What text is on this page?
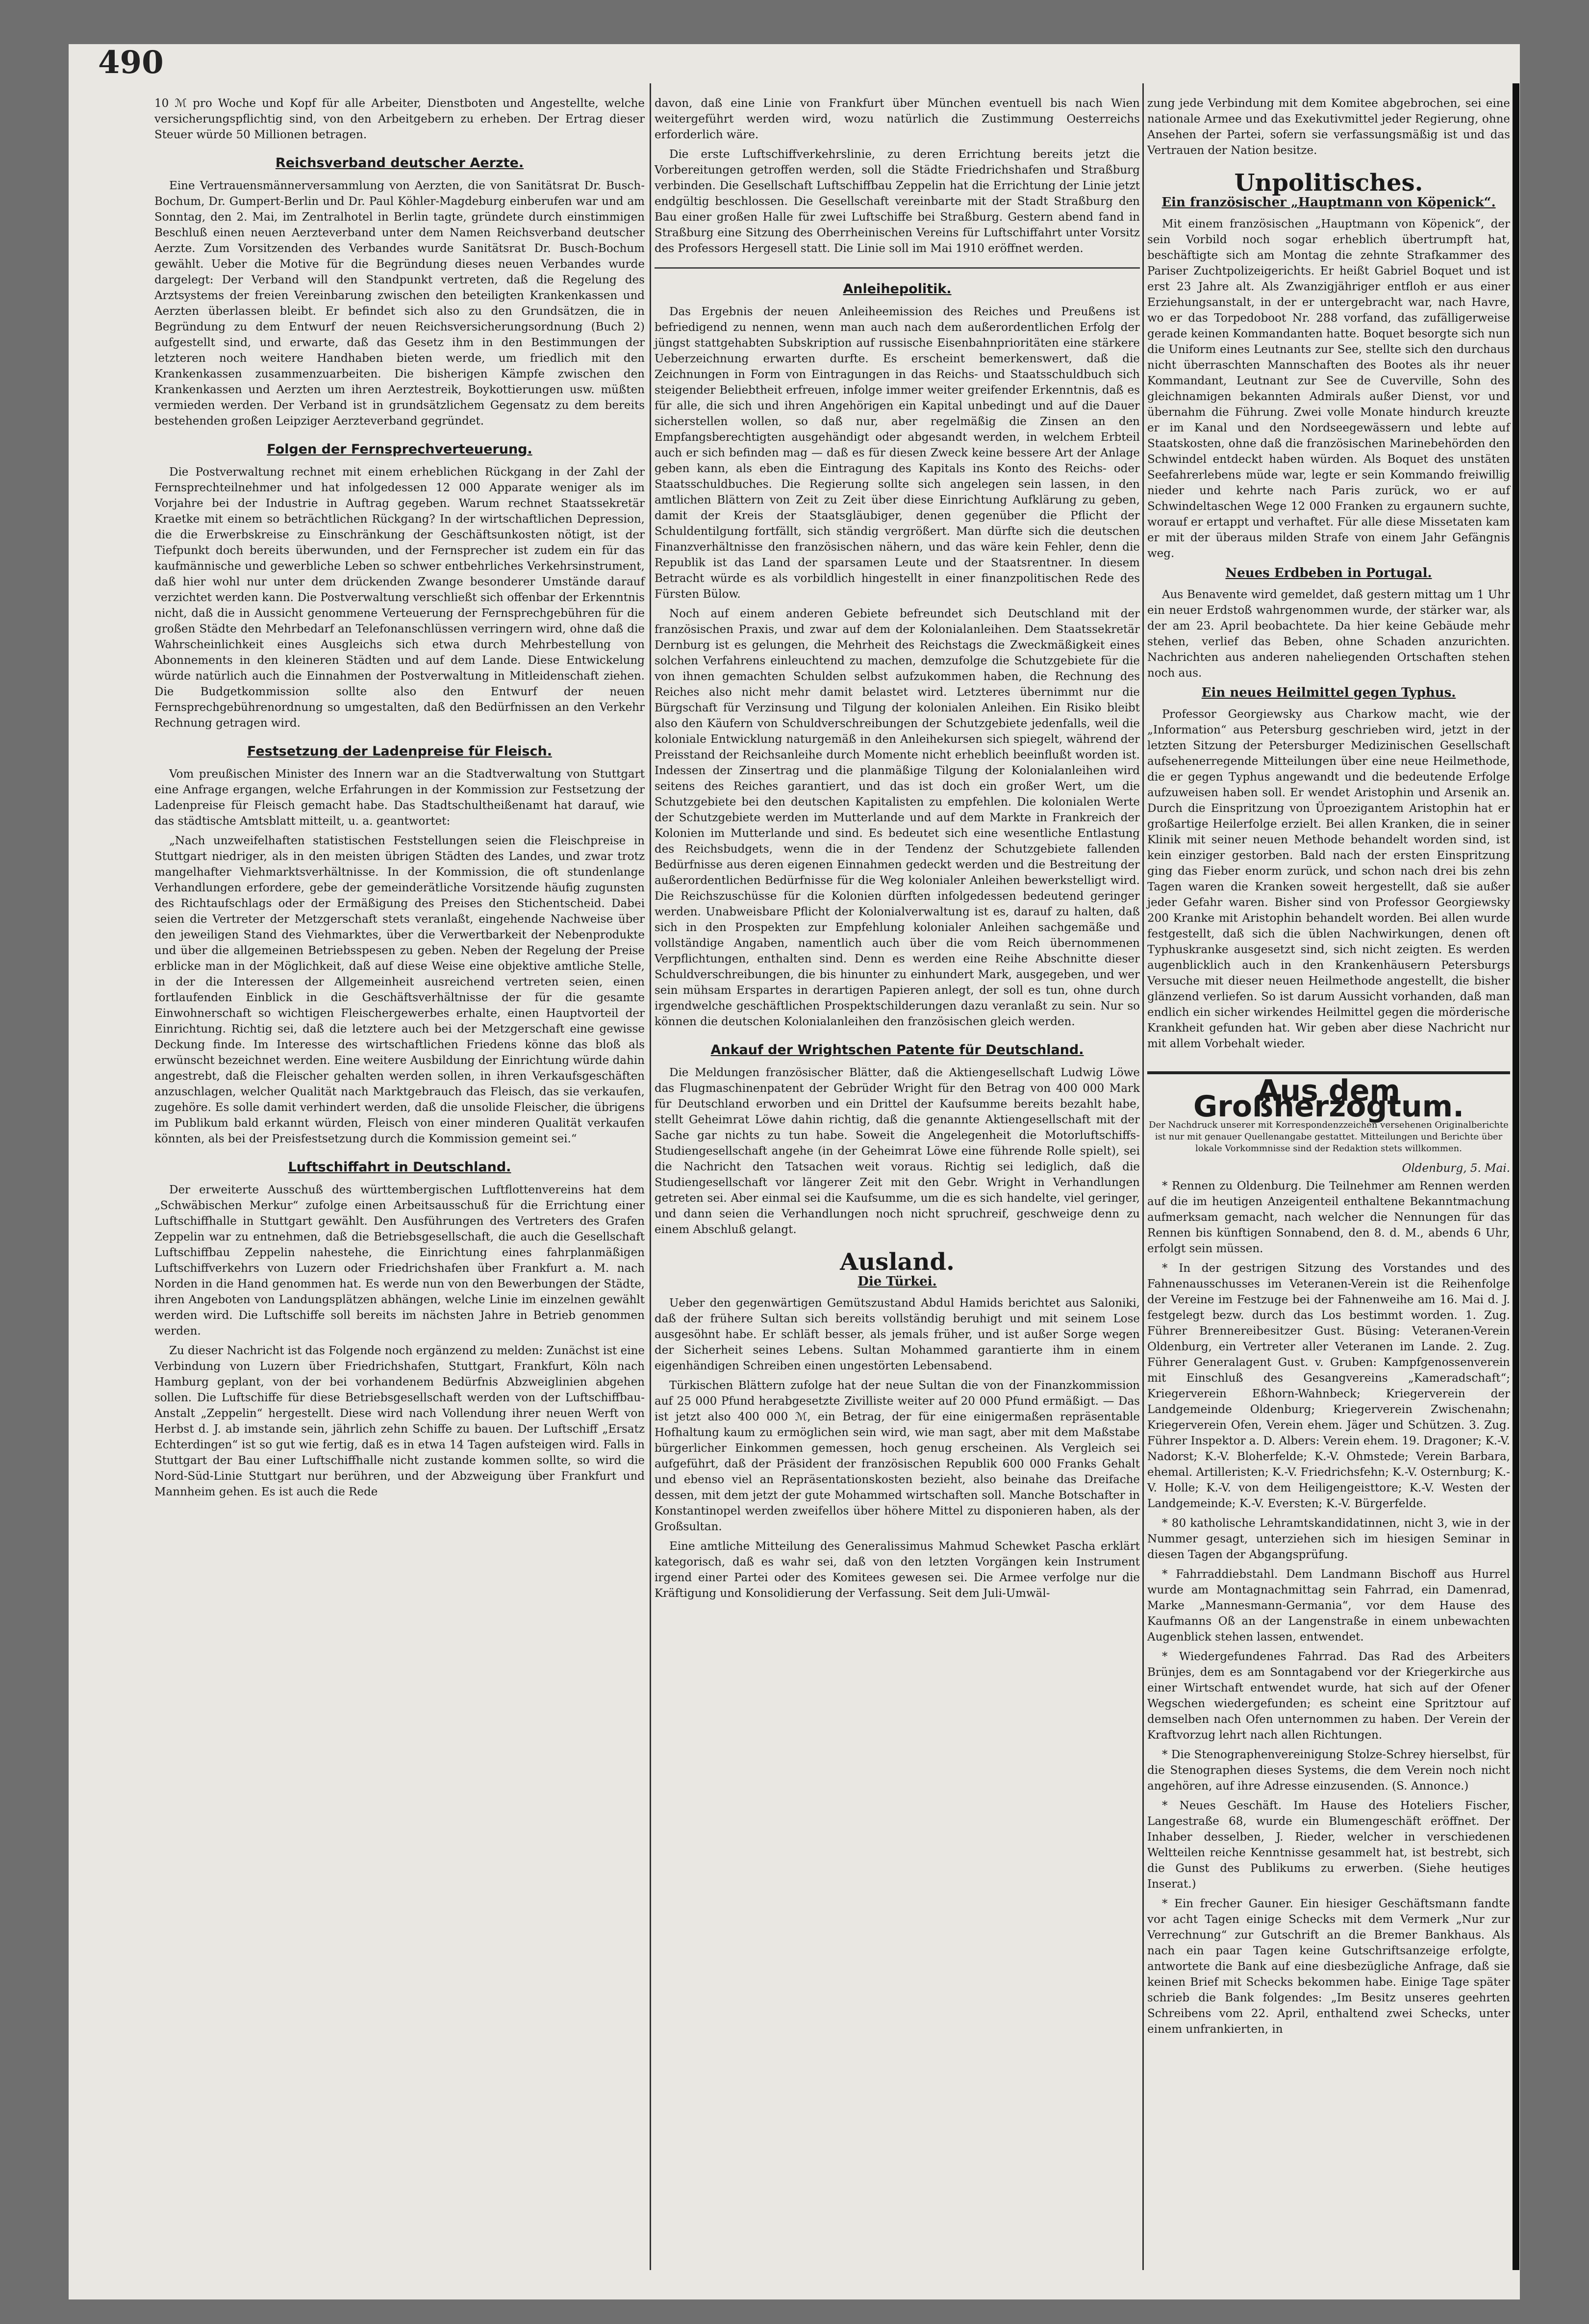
490

10 ℳ pro Woche und Kopf für alle Arbeiter, Dienstboten und Angestellte, welche versicherungspflichtig sind, von den Arbeitgebern zu erheben. Der Ertrag dieser Steuer würde 50 Millionen betragen.

Reichsverband deutscher Aerzte.

Eine Vertrauensmännerversammlung von Aerzten, die von Sanitätsrat Dr. Busch-Bochum, Dr. Gumpert-Berlin und Dr. Paul Köhler-Magdeburg einberufen war und am Sonntag, den 2. Mai, im Zentralhotel in Berlin tagte, gründete durch einstimmigen Beschluß einen neuen Aerzteverband unter dem Namen Reichsverband deutscher Aerzte. Zum Vorsitzenden des Verbandes wurde Sanitätsrat Dr. Busch-Bochum gewählt. Ueber die Motive für die Begründung dieses neuen Verbandes wurde dargelegt: Der Verband will den Standpunkt vertreten, daß die Regelung des Arztsystems der freien Vereinbarung zwischen den beteiligten Krankenkassen und Aerzten überlassen bleibt. Er befindet sich also zu den Grundsätzen, die in Begründung zu dem Entwurf der neuen Reichsversicherungsordnung (Buch 2) aufgestellt sind, und erwarte, daß das Gesetz ihm in den Bestimmungen der letzteren noch weitere Handhaben bieten werde, um friedlich mit den Krankenkassen zusammenzuarbeiten. Die bisherigen Kämpfe zwischen den Krankenkassen und Aerzten um ihren Aerztestreik, Boykottierungen usw. müßten vermieden werden. Der Verband ist in grundsätzlichem Gegensatz zu dem bereits bestehenden großen Leipziger Aerzteverband gegründet.

Folgen der Fernsprechverteuerung.

Die Postverwaltung rechnet mit einem erheblichen Rückgang in der Zahl der Fernsprechteilnehmer und hat infolgedessen 12 000 Apparate weniger als im Vorjahre bei der Industrie in Auftrag gegeben. Warum rechnet Staatssekretär Kraetke mit einem so beträchtlichen Rückgang? In der wirtschaftlichen Depression, die die Erwerbskreise zu Einschränkung der Geschäftsunkosten nötigt, ist der Tiefpunkt doch bereits überwunden, und der Fernsprecher ist zudem ein für das kaufmännische und gewerbliche Leben so schwer entbehrliches Verkehrsinstrument, daß hier wohl nur unter dem drückenden Zwange besonderer Umstände darauf verzichtet werden kann. Die Postverwaltung verschließt sich offenbar der Erkenntnis nicht, daß die in Aussicht genommene Verteuerung der Fernsprechgebühren für die großen Städte den Mehrbedarf an Telefonanschlüssen verringern wird, ohne daß die Wahrscheinlichkeit eines Ausgleichs sich etwa durch Mehrbestellung von Abonnements in den kleineren Städten und auf dem Lande. Diese Entwickelung würde natürlich auch die Einnahmen der Postverwaltung in Mitleidenschaft ziehen. Die Budgetkommission sollte also den Entwurf der neuen Fernsprechgebührenordnung so umgestalten, daß den Bedürfnissen an den Verkehr Rechnung getragen wird.

Festsetzung der Ladenpreise für Fleisch.

Vom preußischen Minister des Innern war an die Stadtverwaltung von Stuttgart eine Anfrage ergangen, welche Erfahrungen in der Kommission zur Festsetzung der Ladenpreise für Fleisch gemacht habe. Das Stadtschultheißenamt hat darauf, wie das städtische Amtsblatt mitteilt, u. a. geantwortet:

„Nach unzweifelhaften statistischen Feststellungen seien die Fleischpreise in Stuttgart niedriger, als in den meisten übrigen Städten des Landes, und zwar trotz mangelhafter Viehmarktsverhältnisse. In der Kommission, die oft stundenlange Verhandlungen erfordere, gebe der gemeinderätliche Vorsitzende häufig zugunsten des Richtaufschlags oder der Ermäßigung des Preises den Stichentscheid. Dabei seien die Vertreter der Metzgerschaft stets veranlaßt, eingehende Nachweise über den jeweiligen Stand des Viehmarktes, über die Verwertbarkeit der Nebenprodukte und über die allgemeinen Betriebsspesen zu geben. Neben der Regelung der Preise erblicke man in der Möglichkeit, daß auf diese Weise eine objektive amtliche Stelle, in der die Interessen der Allgemeinheit ausreichend vertreten seien, einen fortlaufenden Einblick in die Geschäftsverhältnisse der für die gesamte Einwohnerschaft so wichtigen Fleischergewerbes erhalte, einen Hauptvorteil der Einrichtung. Richtig sei, daß die letztere auch bei der Metzgerschaft eine gewisse Deckung finde. Im Interesse des wirtschaftlichen Friedens könne das bloß als erwünscht bezeichnet werden. Eine weitere Ausbildung der Einrichtung würde dahin angestrebt, daß die Fleischer gehalten werden sollen, in ihren Verkaufsgeschäften anzuschlagen, welcher Qualität nach Marktgebrauch das Fleisch, das sie verkaufen, zugehöre. Es solle damit verhindert werden, daß die unsolide Fleischer, die übrigens im Publikum bald erkannt würden, Fleisch von einer minderen Qualität verkaufen könnten, als bei der Preisfestsetzung durch die Kommission gemeint sei.“

Luftschiffahrt in Deutschland.

Der erweiterte Ausschuß des württembergischen Luftflottenvereins hat dem „Schwäbischen Merkur“ zufolge einen Arbeitsausschuß für die Errichtung einer Luftschiffhalle in Stuttgart gewählt. Den Ausführungen des Vertreters des Grafen Zeppelin war zu entnehmen, daß die Betriebsgesellschaft, die auch die Gesellschaft Luftschiffbau Zeppelin nahestehe, die Einrichtung eines fahrplanmäßigen Luftschiffverkehrs von Luzern oder Friedrichshafen über Frankfurt a. M. nach Norden in die Hand genommen hat. Es werde nun von den Bewerbungen der Städte, ihren Angeboten von Landungsplätzen abhängen, welche Linie im einzelnen gewählt werden wird. Die Luftschiffe soll bereits im nächsten Jahre in Betrieb genommen werden.

Zu dieser Nachricht ist das Folgende noch ergänzend zu melden: Zunächst ist eine Verbindung von Luzern über Friedrichshafen, Stuttgart, Frankfurt, Köln nach Hamburg geplant, von der bei vorhandenem Bedürfnis Abzweiglinien abgehen sollen. Die Luftschiffe für diese Betriebsgesellschaft werden von der Luftschiffbau-Anstalt „Zeppelin“ hergestellt. Diese wird nach Vollendung ihrer neuen Werft von Herbst d. J. ab imstande sein, jährlich zehn Schiffe zu bauen. Der Luftschiff „Ersatz Echterdingen“ ist so gut wie fertig, daß es in etwa 14 Tagen aufsteigen wird. Falls in Stuttgart der Bau einer Luftschiffhalle nicht zustande kommen sollte, so wird die Nord-Süd-Linie Stuttgart nur berühren, und der Abzweigung über Frankfurt und Mannheim gehen. Es ist auch die Rede

davon, daß eine Linie von Frankfurt über München eventuell bis nach Wien weitergeführt werden wird, wozu natürlich die Zustimmung Oesterreichs erforderlich wäre.

Die erste Luftschiffverkehrslinie, zu deren Errichtung bereits jetzt die Vorbereitungen getroffen werden, soll die Städte Friedrichshafen und Straßburg verbinden. Die Gesellschaft Luftschiffbau Zeppelin hat die Errichtung der Linie jetzt endgültig beschlossen. Die Gesellschaft vereinbarte mit der Stadt Straßburg den Bau einer großen Halle für zwei Luftschiffe bei Straßburg. Gestern abend fand in Straßburg eine Sitzung des Oberrheinischen Vereins für Luftschiffahrt unter Vorsitz des Professors Hergesell statt. Die Linie soll im Mai 1910 eröffnet werden.

Anleihepolitik.

Das Ergebnis der neuen Anleiheemission des Reiches und Preußens ist befriedigend zu nennen, wenn man auch nach dem außerordentlichen Erfolg der jüngst stattgehabten Subskription auf russische Eisenbahnprioritäten eine stärkere Ueberzeichnung erwarten durfte. Es erscheint bemerkenswert, daß die Zeichnungen in Form von Eintragungen in das Reichs- und Staatsschuldbuch sich steigender Beliebtheit erfreuen, infolge immer weiter greifender Erkenntnis, daß es für alle, die sich und ihren Angehörigen ein Kapital unbedingt und auf die Dauer sicherstellen wollen, so daß nur, aber regelmäßig die Zinsen an den Empfangsberechtigten ausgehändigt oder abgesandt werden, in welchem Erbteil auch er sich befinden mag — daß es für diesen Zweck keine bessere Art der Anlage geben kann, als eben die Eintragung des Kapitals ins Konto des Reichs- oder Staatsschuldbuches. Die Regierung sollte sich angelegen sein lassen, in den amtlichen Blättern von Zeit zu Zeit über diese Einrichtung Aufklärung zu geben, damit der Kreis der Staatsgläubiger, denen gegenüber die Pflicht der Schuldentilgung fortfällt, sich ständig vergrößert. Man dürfte sich die deutschen Finanzverhältnisse den französischen nähern, und das wäre kein Fehler, denn die Republik ist das Land der sparsamen Leute und der Staatsrentner. In diesem Betracht würde es als vorbildlich hingestellt in einer finanzpolitischen Rede des Fürsten Bülow.

Noch auf einem anderen Gebiete befreundet sich Deutschland mit der französischen Praxis, und zwar auf dem der Kolonialanleihen. Dem Staatssekretär Dernburg ist es gelungen, die Mehrheit des Reichstags die Zweckmäßigkeit eines solchen Verfahrens einleuchtend zu machen, demzufolge die Schutzgebiete für die von ihnen gemachten Schulden selbst aufzukommen haben, die Rechnung des Reiches also nicht mehr damit belastet wird. Letzteres übernimmt nur die Bürgschaft für Verzinsung und Tilgung der kolonialen Anleihen. Ein Risiko bleibt also den Käufern von Schuldverschreibungen der Schutzgebiete jedenfalls, weil die koloniale Entwicklung naturgemäß in den Anleihekursen sich spiegelt, während der Preisstand der Reichsanleihe durch Momente nicht erheblich beeinflußt worden ist. Indessen der Zinsertrag und die planmäßige Tilgung der Kolonialanleihen wird seitens des Reiches garantiert, und das ist doch ein großer Wert, um die Schutzgebiete bei den deutschen Kapitalisten zu empfehlen. Die kolonialen Werte der Schutzgebiete werden im Mutterlande und auf dem Markte in Frankreich der Kolonien im Mutterlande und sind. Es bedeutet sich eine wesentliche Entlastung des Reichsbudgets, wenn die in der Tendenz der Schutzgebiete fallenden Bedürfnisse aus deren eigenen Einnahmen gedeckt werden und die Bestreitung der außerordentlichen Bedürfnisse für die Weg kolonialer Anleihen bewerkstelligt wird. Die Reichszuschüsse für die Kolonien dürften infolgedessen bedeutend geringer werden. Unabweisbare Pflicht der Kolonialverwaltung ist es, darauf zu halten, daß sich in den Prospekten zur Empfehlung kolonialer Anleihen sachgemäße und vollständige Angaben, namentlich auch über die vom Reich übernommenen Verpflichtungen, enthalten sind. Denn es werden eine Reihe Abschnitte dieser Schuldverschreibungen, die bis hinunter zu einhundert Mark, ausgegeben, und wer sein mühsam Erspartes in derartigen Papieren anlegt, der soll es tun, ohne durch irgendwelche geschäftlichen Prospektschilderungen dazu veranlaßt zu sein. Nur so können die deutschen Kolonialanleihen den französischen gleich werden.

Ankauf der Wrightschen Patente für Deutschland.

Die Meldungen französischer Blätter, daß die Aktiengesellschaft Ludwig Löwe das Flugmaschinenpatent der Gebrüder Wright für den Betrag von 400 000 Mark für Deutschland erworben und ein Drittel der Kaufsumme bereits bezahlt habe, stellt Geheimrat Löwe dahin richtig, daß die genannte Aktiengesellschaft mit der Sache gar nichts zu tun habe. Soweit die Angelegenheit die Motorluftschiffs-Studiengesellschaft angehe (in der Geheimrat Löwe eine führende Rolle spielt), sei die Nachricht den Tatsachen weit voraus. Richtig sei lediglich, daß die Studiengesellschaft vor längerer Zeit mit den Gebr. Wright in Verhandlungen getreten sei. Aber einmal sei die Kaufsumme, um die es sich handelte, viel geringer, und dann seien die Verhandlungen noch nicht spruchreif, geschweige denn zu einem Abschluß gelangt.

Ausland.
Die Türkei.

Ueber den gegenwärtigen Gemütszustand Abdul Hamids berichtet aus Saloniki, daß der frühere Sultan sich bereits vollständig beruhigt und mit seinem Lose ausgesöhnt habe. Er schläft besser, als jemals früher, und ist außer Sorge wegen der Sicherheit seines Lebens. Sultan Mohammed garantierte ihm in einem eigenhändigen Schreiben einen ungestörten Lebensabend.

Türkischen Blättern zufolge hat der neue Sultan die von der Finanzkommission auf 25 000 Pfund herabgesetzte Zivilliste weiter auf 20 000 Pfund ermäßigt. — Das ist jetzt also 400 000 ℳ, ein Betrag, der für eine einigermaßen repräsentable Hofhaltung kaum zu ermöglichen sein wird, wie man sagt, aber mit dem Maßstabe bürgerlicher Einkommen gemessen, hoch genug erscheinen. Als Vergleich sei aufgeführt, daß der Präsident der französischen Republik 600 000 Franks Gehalt und ebenso viel an Repräsentationskosten bezieht, also beinahe das Dreifache dessen, mit dem jetzt der gute Mohammed wirtschaften soll. Manche Botschafter in Konstantinopel werden zweifellos über höhere Mittel zu disponieren haben, als der Großsultan.

Eine amtliche Mitteilung des Generalissimus Mahmud Schewket Pascha erklärt kategorisch, daß es wahr sei, daß von den letzten Vorgängen kein Instrument irgend einer Partei oder des Komitees gewesen sei. Die Armee verfolge nur die Kräftigung und Konsolidierung der Verfassung. Seit dem Juli-Umwäl-

zung jede Verbindung mit dem Komitee abgebrochen, sei eine nationale Armee und das Exekutivmittel jeder Regierung, ohne Ansehen der Partei, sofern sie verfassungsmäßig ist und das Vertrauen der Nation besitze.

Unpolitisches.
Ein französischer „Hauptmann von Köpenick“.

Mit einem französischen „Hauptmann von Köpenick“, der sein Vorbild noch sogar erheblich übertrumpft hat, beschäftigte sich am Montag die zehnte Strafkammer des Pariser Zuchtpolizeigerichts. Er heißt Gabriel Boquet und ist erst 23 Jahre alt. Als Zwanzigjähriger entfloh er aus einer Erziehungsanstalt, in der er untergebracht war, nach Havre, wo er das Torpedoboot Nr. 288 vorfand, das zufälligerweise gerade keinen Kommandanten hatte. Boquet besorgte sich nun die Uniform eines Leutnants zur See, stellte sich den durchaus nicht überraschten Mannschaften des Bootes als ihr neuer Kommandant, Leutnant zur See de Cuverville, Sohn des gleichnamigen bekannten Admirals außer Dienst, vor und übernahm die Führung. Zwei volle Monate hindurch kreuzte er im Kanal und den Nordseegewässern und lebte auf Staatskosten, ohne daß die französischen Marinebehörden den Schwindel entdeckt haben würden. Als Boquet des unstäten Seefahrerlebens müde war, legte er sein Kommando freiwillig nieder und kehrte nach Paris zurück, wo er auf Schwindeltaschen Wege 12 000 Franken zu ergaunern suchte, worauf er ertappt und verhaftet. Für alle diese Missetaten kam er mit der überaus milden Strafe von einem Jahr Gefängnis weg.

Neues Erdbeben in Portugal.

Aus Benavente wird gemeldet, daß gestern mittag um 1 Uhr ein neuer Erdstoß wahrgenommen wurde, der stärker war, als der am 23. April beobachtete. Da hier keine Gebäude mehr stehen, verlief das Beben, ohne Schaden anzurichten. Nachrichten aus anderen naheliegenden Ortschaften stehen noch aus.

Ein neues Heilmittel gegen Typhus.

Professor Georgiewsky aus Charkow macht, wie der „Information“ aus Petersburg geschrieben wird, jetzt in der letzten Sitzung der Petersburger Medizinischen Gesellschaft aufsehenerregende Mitteilungen über eine neue Heilmethode, die er gegen Typhus angewandt und die bedeutende Erfolge aufzuweisen haben soll. Er wendet Aristophin und Arsenik an. Durch die Einspritzung von Üproezigantem Aristophin hat er großartige Heilerfolge erzielt. Bei allen Kranken, die in seiner Klinik mit seiner neuen Methode behandelt worden sind, ist kein einziger gestorben. Bald nach der ersten Einspritzung ging das Fieber enorm zurück, und schon nach drei bis zehn Tagen waren die Kranken soweit hergestellt, daß sie außer jeder Gefahr waren. Bisher sind von Professor Georgiewsky 200 Kranke mit Aristophin behandelt worden. Bei allen wurde festgestellt, daß sich die üblen Nachwirkungen, denen oft Typhuskranke ausgesetzt sind, sich nicht zeigten. Es werden augenblicklich auch in den Krankenhäusern Petersburgs Versuche mit dieser neuen Heilmethode angestellt, die bisher glänzend verliefen. So ist darum Aussicht vorhanden, daß man endlich ein sicher wirkendes Heilmittel gegen die mörderische Krankheit gefunden hat. Wir geben aber diese Nachricht nur mit allem Vorbehalt wieder.

Aus dem Großherzogtum.
Der Nachdruck unserer mit Korrespondenzzeichen versehenen Originalberichte ist nur mit genauer Quellenangabe gestattet. Mitteilungen und Berichte über lokale Vorkommnisse sind der Redaktion stets willkommen.
Oldenburg, 5. Mai.

* Rennen zu Oldenburg. Die Teilnehmer am Rennen werden auf die im heutigen Anzeigenteil enthaltene Bekanntmachung aufmerksam gemacht, nach welcher die Nennungen für das Rennen bis künftigen Sonnabend, den 8. d. M., abends 6 Uhr, erfolgt sein müssen.

* In der gestrigen Sitzung des Vorstandes und des Fahnenausschusses im Veteranen-Verein ist die Reihenfolge der Vereine im Festzuge bei der Fahnenweihe am 16. Mai d. J. festgelegt bezw. durch das Los bestimmt worden. 1. Zug. Führer Brennereibesitzer Gust. Büsing: Veteranen-Verein Oldenburg, ein Vertreter aller Veteranen im Lande. 2. Zug. Führer Generalagent Gust. v. Gruben: Kampfgenossenverein mit Einschluß des Gesangvereins „Kameradschaft“; Kriegerverein Eßhorn-Wahnbeck; Kriegerverein der Landgemeinde Oldenburg; Kriegerverein Zwischenahn; Kriegerverein Ofen, Verein ehem. Jäger und Schützen. 3. Zug. Führer Inspektor a. D. Albers: Verein ehem. 19. Dragoner; K.-V. Nadorst; K.-V. Bloherfelde; K.-V. Ohmstede; Verein Barbara, ehemal. Artilleristen; K.-V. Friedrichsfehn; K.-V. Osternburg; K.-V. Holle; K.-V. von dem Heiligengeisttore; K.-V. Westen der Landgemeinde; K.-V. Eversten; K.-V. Bürgerfelde.

* 80 katholische Lehramtskandidatinnen, nicht 3, wie in der Nummer gesagt, unterziehen sich im hiesigen Seminar in diesen Tagen der Abgangsprüfung.

* Fahrraddiebstahl. Dem Landmann Bischoff aus Hurrel wurde am Montagnachmittag sein Fahrrad, ein Damenrad, Marke „Mannesmann-Germania“, vor dem Hause des Kaufmanns Oß an der Langenstraße in einem unbewachten Augenblick stehen lassen, entwendet.

* Wiedergefundenes Fahrrad. Das Rad des Arbeiters Brünjes, dem es am Sonntagabend vor der Kriegerkirche aus einer Wirtschaft entwendet wurde, hat sich auf der Ofener Wegschen wiedergefunden; es scheint eine Spritztour auf demselben nach Ofen unternommen zu haben. Der Verein der Kraftvorzug lehrt nach allen Richtungen.

* Die Stenographenvereinigung Stolze-Schrey hierselbst, für die Stenographen dieses Systems, die dem Verein noch nicht angehören, auf ihre Adresse einzusenden. (S. Annonce.)

* Neues Geschäft. Im Hause des Hoteliers Fischer, Langestraße 68, wurde ein Blumengeschäft eröffnet. Der Inhaber desselben, J. Rieder, welcher in verschiedenen Weltteilen reiche Kenntnisse gesammelt hat, ist bestrebt, sich die Gunst des Publikums zu erwerben. (Siehe heutiges Inserat.)

* Ein frecher Gauner. Ein hiesiger Geschäftsmann fandte vor acht Tagen einige Schecks mit dem Vermerk „Nur zur Verrechnung“ zur Gutschrift an die Bremer Bankhaus. Als nach ein paar Tagen keine Gutschriftsanzeige erfolgte, antwortete die Bank auf eine diesbezügliche Anfrage, daß sie keinen Brief mit Schecks bekommen habe. Einige Tage später schrieb die Bank folgendes: „Im Besitz unseres geehrten Schreibens vom 22. April, enthaltend zwei Schecks, unter einem unfrankierten, in
